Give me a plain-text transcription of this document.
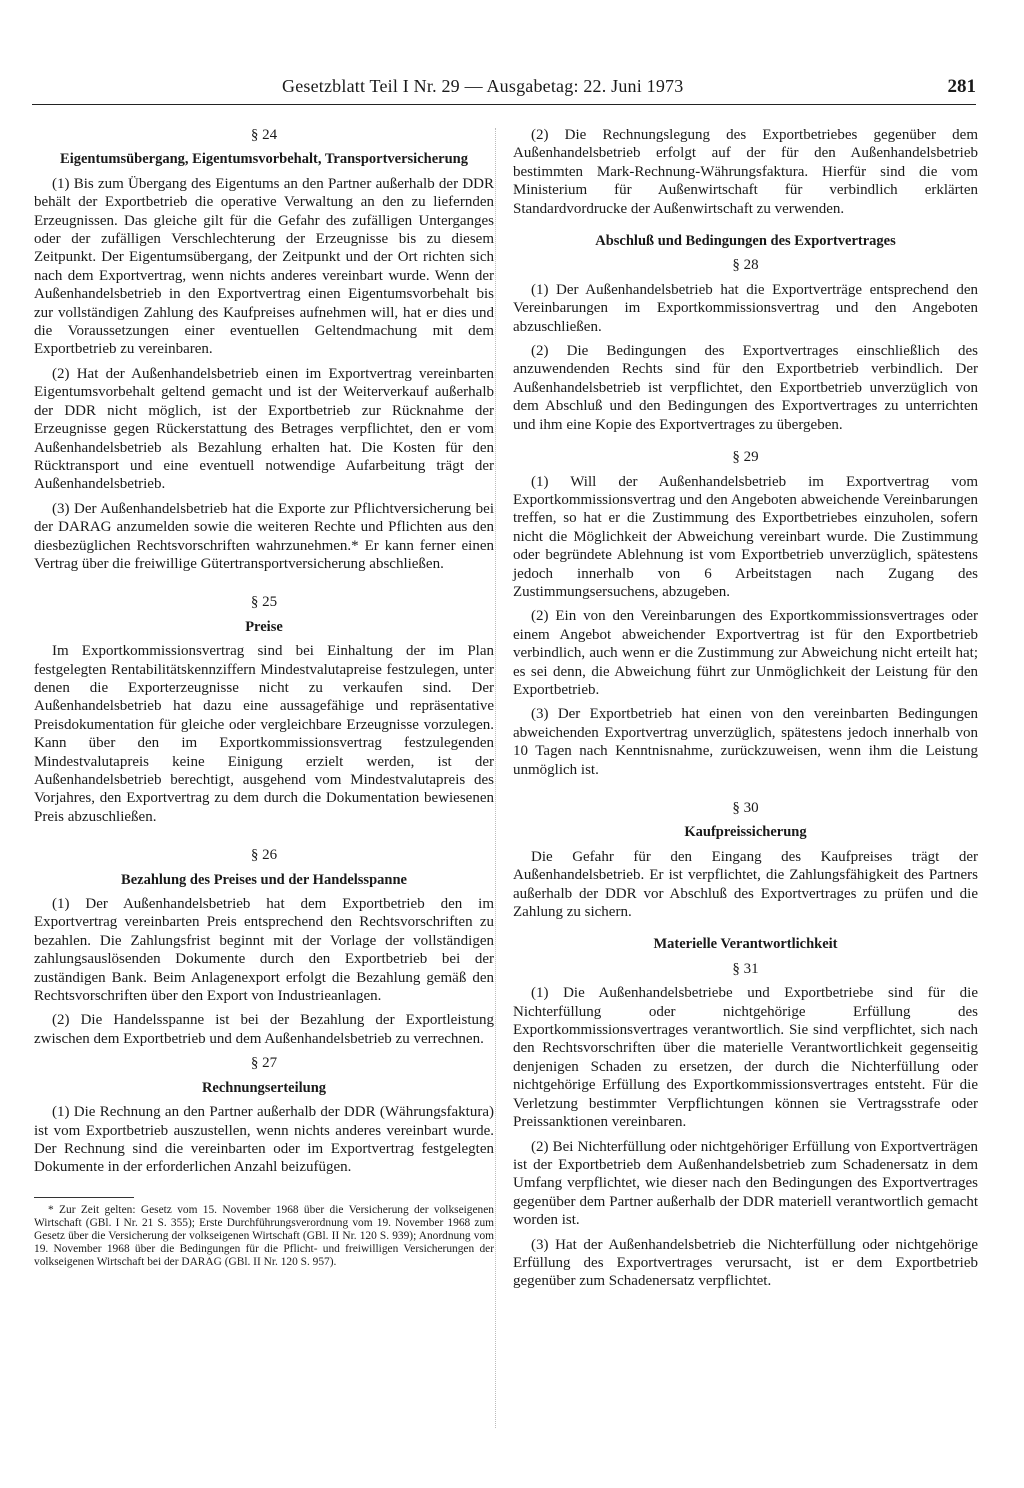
Gesetzblatt Teil I Nr. 29 — Ausgabetag: 22. Juni 1973	281
§ 24
Eigentumsübergang, Eigentumsvorbehalt, Transportversicherung

(1) Bis zum Übergang des Eigentums an den Partner außerhalb der DDR behält der Exportbetrieb die operative Verwaltung an den zu liefernden Erzeugnissen. Das gleiche gilt für die Gefahr des zufälligen Unterganges oder der zufälligen Verschlechterung der Erzeugnisse bis zu diesem Zeitpunkt. Der Eigentumsübergang, der Zeitpunkt und der Ort richten sich nach dem Exportvertrag, wenn nichts anderes vereinbart wurde. Wenn der Außenhandelsbetrieb in den Exportvertrag einen Eigentumsvorbehalt bis zur vollständigen Zahlung des Kaufpreises aufnehmen will, hat er dies und die Voraussetzungen einer eventuellen Geltendmachung mit dem Exportbetrieb zu vereinbaren.

(2) Hat der Außenhandelsbetrieb einen im Exportvertrag vereinbarten Eigentumsvorbehalt geltend gemacht und ist der Weiterverkauf außerhalb der DDR nicht möglich, ist der Exportbetrieb zur Rücknahme der Erzeugnisse gegen Rückerstattung des Betrages verpflichtet, den er vom Außenhandelsbetrieb als Bezahlung erhalten hat. Die Kosten für den Rücktransport und eine eventuell notwendige Aufarbeitung trägt der Außenhandelsbetrieb.

(3) Der Außenhandelsbetrieb hat die Exporte zur Pflichtversicherung bei der DARAG anzumelden sowie die weiteren Rechte und Pflichten aus den diesbezüglichen Rechtsvorschriften wahrzunehmen.* Er kann ferner einen Vertrag über die freiwillige Gütertransportversicherung abschließen.

§ 25
Preise

Im Exportkommissionsvertrag sind bei Einhaltung der im Plan festgelegten Rentabilitätskennziffern Mindestvalutapreise festzulegen, unter denen die Exporterzeugnisse nicht zu verkaufen sind. Der Außenhandelsbetrieb hat dazu eine aussagefähige und repräsentative Preisdokumentation für gleiche oder vergleichbare Erzeugnisse vorzulegen. Kann über den im Exportkommissionsvertrag festzulegenden Mindestvalutapreis keine Einigung erzielt werden, ist der Außenhandelsbetrieb berechtigt, ausgehend vom Mindestvalutapreis des Vorjahres, den Exportvertrag zu dem durch die Dokumentation bewiesenen Preis abzuschließen.

§ 26
Bezahlung des Preises und der Handelsspanne

(1) Der Außenhandelsbetrieb hat dem Exportbetrieb den im Exportvertrag vereinbarten Preis entsprechend den Rechtsvorschriften zu bezahlen. Die Zahlungsfrist beginnt mit der Vorlage der vollständigen zahlungsauslösenden Dokumente durch den Exportbetrieb bei der zuständigen Bank. Beim Anlagenexport erfolgt die Bezahlung gemäß den Rechtsvorschriften über den Export von Industrieanlagen.

(2) Die Handelsspanne ist bei der Bezahlung der Exportleistung zwischen dem Exportbetrieb und dem Außenhandelsbetrieb zu verrechnen.

§ 27
Rechnungserteilung

(1) Die Rechnung an den Partner außerhalb der DDR (Währungsfaktura) ist vom Exportbetrieb auszustellen, wenn nichts anderes vereinbart wurde. Der Rechnung sind die vereinbarten oder im Exportvertrag festgelegten Dokumente in der erforderlichen Anzahl beizufügen.

* Zur Zeit gelten: Gesetz vom 15. November 1968 über die Versicherung der volkseigenen Wirtschaft (GBl. I Nr. 21 S. 355); Erste Durchführungsverordnung vom 19. November 1968 zum Gesetz über die Versicherung der volkseigenen Wirtschaft (GBl. II Nr. 120 S. 939); Anordnung vom 19. November 1968 über die Bedingungen für die Pflicht- und freiwilligen Versicherungen der volkseigenen Wirtschaft bei der DARAG (GBl. II Nr. 120 S. 957).

(2) Die Rechnungslegung des Exportbetriebes gegenüber dem Außenhandelsbetrieb erfolgt auf der für den Außenhandelsbetrieb bestimmten Mark-Rechnung-Währungsfaktura. Hierfür sind die vom Ministerium für Außenwirtschaft für verbindlich erklärten Standardvordrucke der Außenwirtschaft zu verwenden.

Abschluß und Bedingungen des Exportvertrages
§ 28

(1) Der Außenhandelsbetrieb hat die Exportverträge entsprechend den Vereinbarungen im Exportkommissionsvertrag und den Angeboten abzuschließen.

(2) Die Bedingungen des Exportvertrages einschließlich des anzuwendenden Rechts sind für den Exportbetrieb verbindlich. Der Außenhandelsbetrieb ist verpflichtet, den Exportbetrieb unverzüglich von dem Abschluß und den Bedingungen des Exportvertrages zu unterrichten und ihm eine Kopie des Exportvertrages zu übergeben.

§ 29

(1) Will der Außenhandelsbetrieb im Exportvertrag vom Exportkommissionsvertrag und den Angeboten abweichende Vereinbarungen treffen, so hat er die Zustimmung des Exportbetriebes einzuholen, sofern nicht die Möglichkeit der Abweichung vereinbart wurde. Die Zustimmung oder begründete Ablehnung ist vom Exportbetrieb unverzüglich, spätestens jedoch innerhalb von 6 Arbeitstagen nach Zugang des Zustimmungsersuchens, abzugeben.

(2) Ein von den Vereinbarungen des Exportkommissionsvertrages oder einem Angebot abweichender Exportvertrag ist für den Exportbetrieb verbindlich, auch wenn er die Zustimmung zur Abweichung nicht erteilt hat; es sei denn, die Abweichung führt zur Unmöglichkeit der Leistung für den Exportbetrieb.

(3) Der Exportbetrieb hat einen von den vereinbarten Bedingungen abweichenden Exportvertrag unverzüglich, spätestens jedoch innerhalb von 10 Tagen nach Kenntnisnahme, zurückzuweisen, wenn ihm die Leistung unmöglich ist.

§ 30
Kaufpreissicherung

Die Gefahr für den Eingang des Kaufpreises trägt der Außenhandelsbetrieb. Er ist verpflichtet, die Zahlungsfähigkeit des Partners außerhalb der DDR vor Abschluß des Exportvertrages zu prüfen und die Zahlung zu sichern.

Materielle Verantwortlichkeit
§ 31

(1) Die Außenhandelsbetriebe und Exportbetriebe sind für die Nichterfüllung oder nichtgehörige Erfüllung des Exportkommissionsvertrages verantwortlich. Sie sind verpflichtet, sich nach den Rechtsvorschriften über die materielle Verantwortlichkeit gegenseitig denjenigen Schaden zu ersetzen, der durch die Nichterfüllung oder nichtgehörige Erfüllung des Exportkommissionsvertrages entsteht. Für die Verletzung bestimmter Verpflichtungen können sie Vertragsstrafe oder Preissanktionen vereinbaren.

(2) Bei Nichterfüllung oder nichtgehöriger Erfüllung von Exportverträgen ist der Exportbetrieb dem Außenhandelsbetrieb zum Schadenersatz in dem Umfang verpflichtet, wie dieser nach den Bedingungen des Exportvertrages gegenüber dem Partner außerhalb der DDR materiell verantwortlich gemacht worden ist.

(3) Hat der Außenhandelsbetrieb die Nichterfüllung oder nichtgehörige Erfüllung des Exportvertrages verursacht, ist er dem Exportbetrieb gegenüber zum Schadenersatz verpflichtet.
